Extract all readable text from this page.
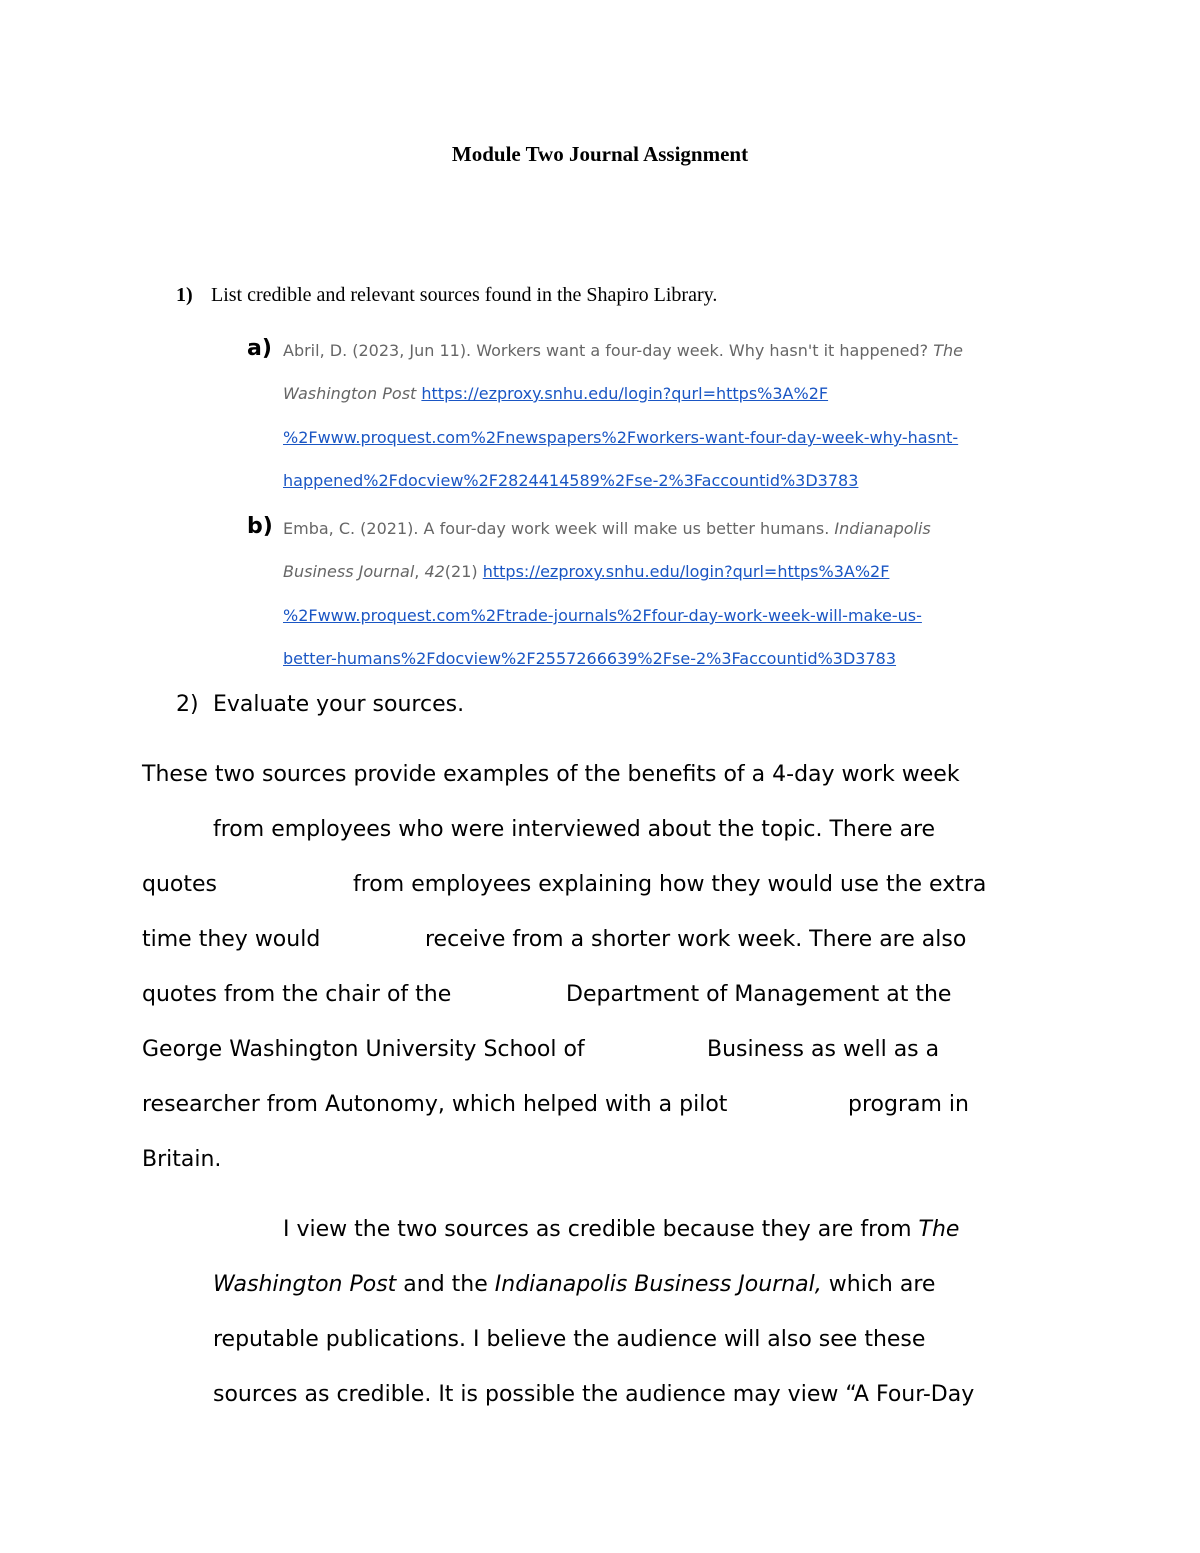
Module Two Journal Assignment
1) List credible and relevant sources found in the Shapiro Library.
a) Abril, D. (2023, Jun 11). Workers want a four-day week. Why hasn't it happened? The
Washington Post https://ezproxy.snhu.edu/login?qurl=https%3A%2F
%2Fwww.proquest.com%2Fnewspapers%2Fworkers-want-four-day-week-why-hasnt-
happened%2Fdocview%2F2824414589%2Fse-2%3Faccountid%3D3783
b) Emba, C. (2021). A four-day work week will make us better humans. Indianapolis
Business Journal, 42(21) https://ezproxy.snhu.edu/login?qurl=https%3A%2F
%2Fwww.proquest.com%2Ftrade-journals%2Ffour-day-work-week-will-make-us-
better-humans%2Fdocview%2F2557266639%2Fse-2%3Faccountid%3D3783
2) Evaluate your sources.
These two sources provide examples of the benefits of a 4-day work week
from employees who were interviewed about the topic. There are
quotes	from employees explaining how they would use the extra
time they would	receive from a shorter work week. There are also
quotes from the chair of the	Department of Management at the
George Washington University School of	Business as well as a
researcher from Autonomy, which helped with a pilot	program in
Britain.
I view the two sources as credible because they are from The
Washington Post and the Indianapolis Business Journal, which are
reputable publications. I believe the audience will also see these
sources as credible. It is possible the audience may view “A Four-Day
